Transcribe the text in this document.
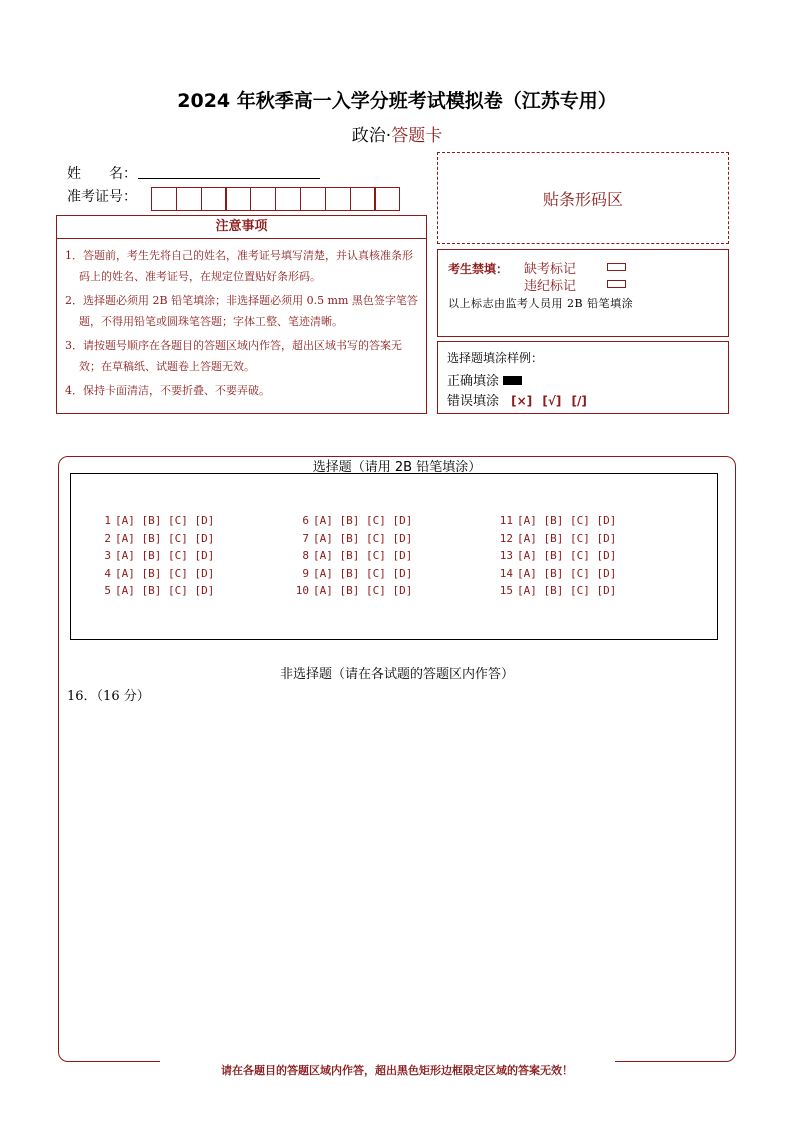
2024 年秋季高一入学分班考试模拟卷（江苏专用）
政治·答题卡
姓　　名：
准考证号：	贴条形码区
注意事项
1．答题前，考生先将自己的姓名，准考证号填写清楚，并认真核准条形码上的姓名、准考证号，在规定位置贴好条形码。
2．选择题必须用 2B 铅笔填涂；非选择题必须用 0.5 mm 黑色签字笔答题，不得用铅笔或圆珠笔答题；字体工整、笔迹清晰。
3．请按题号顺序在各题目的答题区域内作答，超出区域书写的答案无效；在草稿纸、试题卷上答题无效。
4．保持卡面清洁，不要折叠、不要弄破。
考生禁填： 缺考标记
违纪标记
以上标志由监考人员用 2B 铅笔填涂
选择题填涂样例：
正确填涂
错误填涂 [×] [√] [/]
选择题（请用 2B 铅笔填涂）
1 [A] [B] [C] [D]
2 [A] [B] [C] [D]
3 [A] [B] [C] [D]
4 [A] [B] [C] [D]
5 [A] [B] [C] [D]
6 [A] [B] [C] [D]
7 [A] [B] [C] [D]
8 [A] [B] [C] [D]
9 [A] [B] [C] [D]
10 [A] [B] [C] [D]
11 [A] [B] [C] [D]
12 [A] [B] [C] [D]
13 [A] [B] [C] [D]
14 [A] [B] [C] [D]
15 [A] [B] [C] [D]
非选择题（请在各试题的答题区内作答）
16．（16 分）
请在各题目的答题区域内作答，超出黑色矩形边框限定区域的答案无效！
